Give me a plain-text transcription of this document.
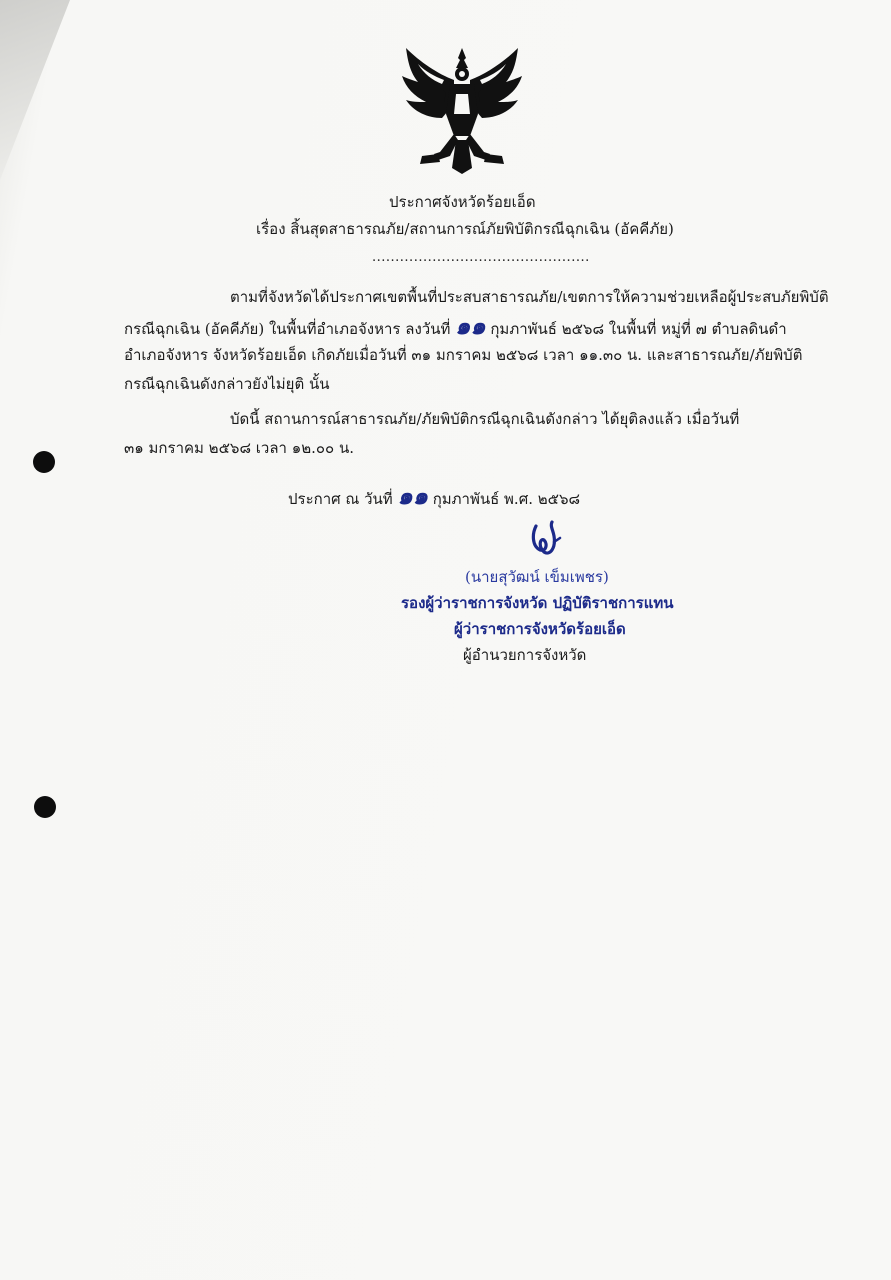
ประกาศจังหวัดร้อยเอ็ด
เรื่อง สิ้นสุดสาธารณภัย/สถานการณ์ภัยพิบัติกรณีฉุกเฉิน (อัคคีภัย)
...............................................
ตามที่จังหวัดได้ประกาศเขตพื้นที่ประสบสาธารณภัย/เขตการให้ความช่วยเหลือผู้ประสบภัยพิบัติ
กรณีฉุกเฉิน (อัคคีภัย) ในพื้นที่อำเภอจังหาร ลงวันที่ ๑๑ กุมภาพันธ์ ๒๕๖๘ ในพื้นที่ หมู่ที่ ๗ ตำบลดินดำ
อำเภอจังหาร จังหวัดร้อยเอ็ด เกิดภัยเมื่อวันที่ ๓๑ มกราคม ๒๕๖๘ เวลา ๑๑.๓๐ น. และสาธารณภัย/ภัยพิบัติ
กรณีฉุกเฉินดังกล่าวยังไม่ยุติ นั้น
บัดนี้ สถานการณ์สาธารณภัย/ภัยพิบัติกรณีฉุกเฉินดังกล่าว ได้ยุติลงแล้ว เมื่อวันที่
๓๑ มกราคม ๒๕๖๘ เวลา ๑๒.๐๐ น.
ประกาศ ณ วันที่ ๑๑ กุมภาพันธ์ พ.ศ. ๒๕๖๘
(นายสุวัฒน์ เข็มเพชร)
รองผู้ว่าราชการจังหวัด ปฏิบัติราชการแทน
ผู้ว่าราชการจังหวัดร้อยเอ็ด
ผู้อำนวยการจังหวัด
